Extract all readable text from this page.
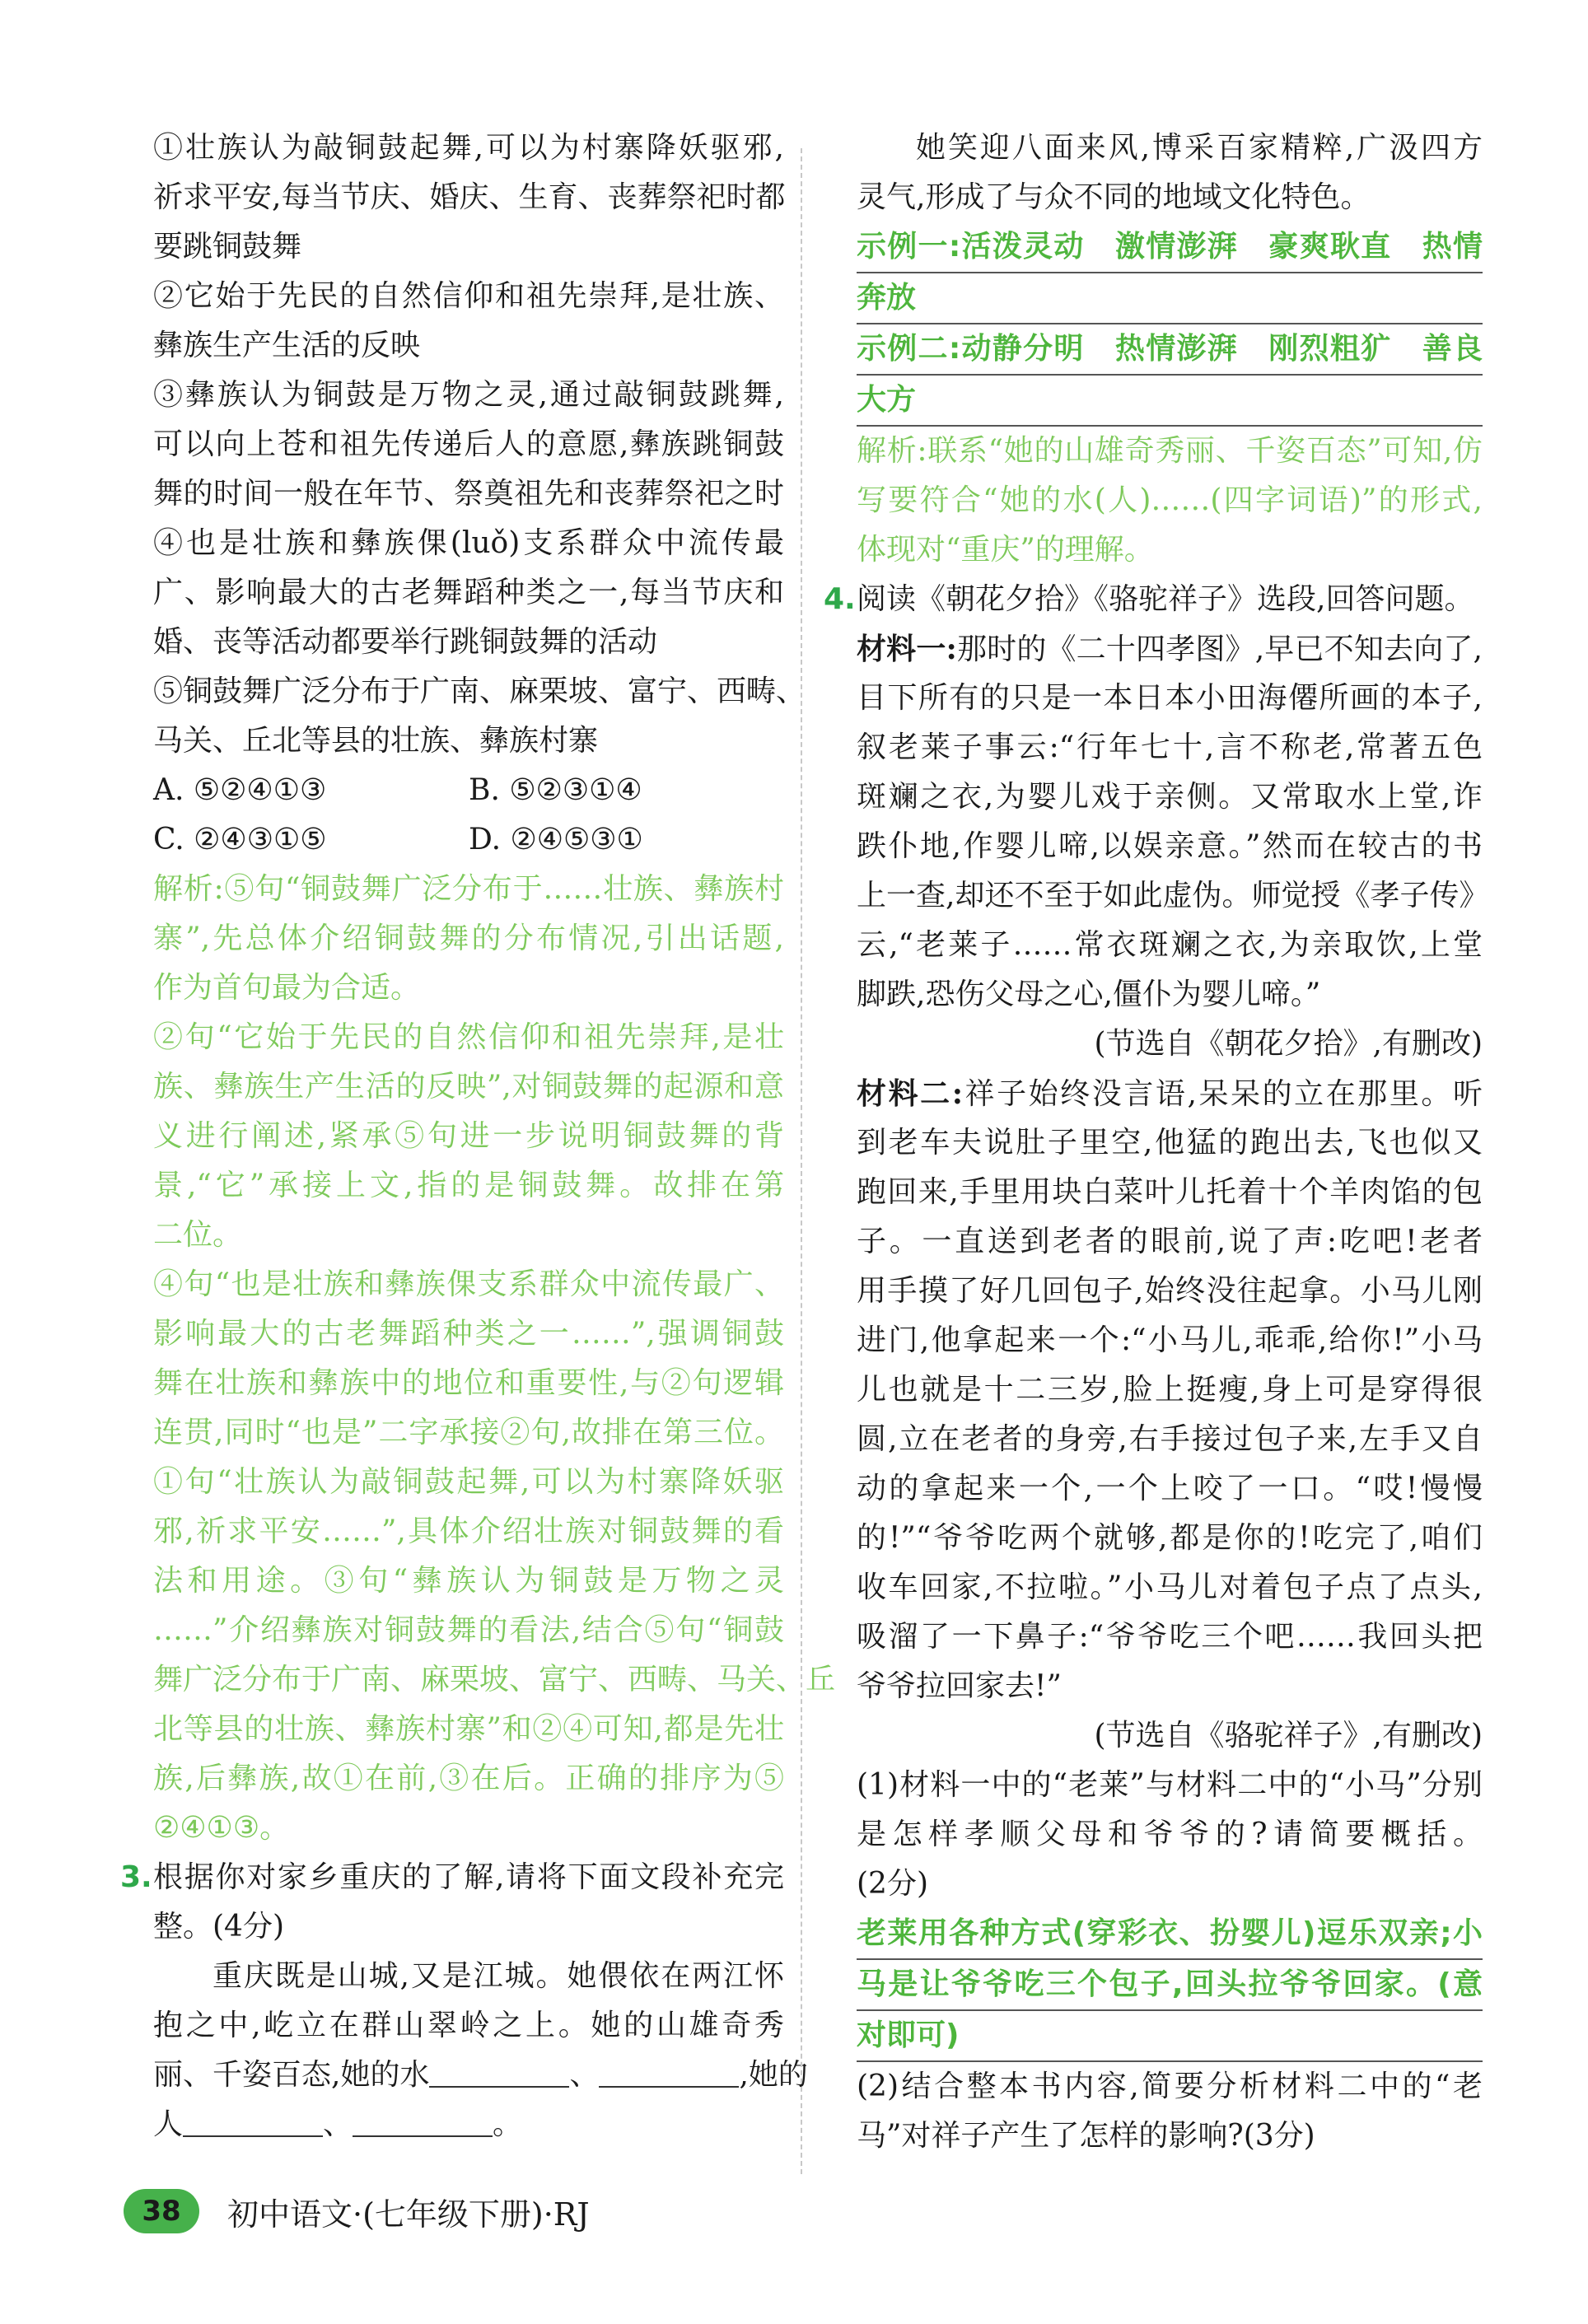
①壮族认为敲铜鼓起舞,可以为村寨降妖驱邪,
祈求平安,每当节庆、婚庆、生育、丧葬祭祀时都
要跳铜鼓舞
②它始于先民的自然信仰和祖先崇拜,是壮族、
彝族生产生活的反映
③彝族认为铜鼓是万物之灵,通过敲铜鼓跳舞,
可以向上苍和祖先传递后人的意愿,彝族跳铜鼓
舞的时间一般在年节、祭奠祖先和丧葬祭祀之时
④也是壮族和彝族倮(luǒ)支系群众中流传最
广、影响最大的古老舞蹈种类之一,每当节庆和
婚、丧等活动都要举行跳铜鼓舞的活动
⑤铜鼓舞广泛分布于广南、麻栗坡、富宁、西畴、
马关、丘北等县的壮族、彝族村寨
A. ⑤②④①③	B. ⑤②③①④
C. ②④③①⑤	D. ②④⑤③①
解析:⑤句“铜鼓舞广泛分布于……壮族、彝族村
寨”,先总体介绍铜鼓舞的分布情况,引出话题,
作为首句最为合适。
②句“它始于先民的自然信仰和祖先崇拜,是壮
族、彝族生产生活的反映”,对铜鼓舞的起源和意
义进行阐述,紧承⑤句进一步说明铜鼓舞的背
景,“它”承接上文,指的是铜鼓舞。故排在第
二位。
④句“也是壮族和彝族倮支系群众中流传最广、
影响最大的古老舞蹈种类之一……”,强调铜鼓
舞在壮族和彝族中的地位和重要性,与②句逻辑
连贯,同时“也是”二字承接②句,故排在第三位。
①句“壮族认为敲铜鼓起舞,可以为村寨降妖驱
邪,祈求平安……”,具体介绍壮族对铜鼓舞的看
法和用途。③句“彝族认为铜鼓是万物之灵
……”介绍彝族对铜鼓舞的看法,结合⑤句“铜鼓
舞广泛分布于广南、麻栗坡、富宁、西畴、马关、丘
北等县的壮族、彝族村寨”和②④可知,都是先壮
族,后彝族,故①在前,③在后。正确的排序为⑤
②④①③。
3. 根据你对家乡重庆的了解,请将下面文段补充完
整。(4分)
重庆既是山城,又是江城。她偎依在两江怀
抱之中,屹立在群山翠岭之上。她的山雄奇秀
丽、千姿百态,她的水	、	,她的
人	、	。
她笑迎八面来风,博采百家精粹,广汲四方
灵气,形成了与众不同的地域文化特色。
示例一:活泼灵动　激情澎湃　豪爽耿直　热情
奔放
示例二:动静分明　热情澎湃　刚烈粗犷　善良
大方
解析:联系“她的山雄奇秀丽、千姿百态”可知,仿
写要符合“她的水(人)……(四字词语)”的形式,
体现对“重庆”的理解。
4. 阅读《朝花夕拾》《骆驼祥子》选段,回答问题。
材料一:那时的《二十四孝图》,早已不知去向了,
目下所有的只是一本日本小田海僊所画的本子,
叙老莱子事云:“行年七十,言不称老,常著五色
斑斓之衣,为婴儿戏于亲侧。又常取水上堂,诈
跌仆地,作婴儿啼,以娱亲意。”然而在较古的书
上一查,却还不至于如此虚伪。师觉授《孝子传》
云,“老莱子……常衣斑斓之衣,为亲取饮,上堂
脚跌,恐伤父母之心,僵仆为婴儿啼。”
(节选自《朝花夕拾》,有删改)
材料二:祥子始终没言语,呆呆的立在那里。听
到老车夫说肚子里空,他猛的跑出去,飞也似又
跑回来,手里用块白菜叶儿托着十个羊肉馅的包
子。一直送到老者的眼前,说了声:吃吧!老者
用手摸了好几回包子,始终没往起拿。小马儿刚
进门,他拿起来一个:“小马儿,乖乖,给你!”小马
儿也就是十二三岁,脸上挺瘦,身上可是穿得很
圆,立在老者的身旁,右手接过包子来,左手又自
动的拿起来一个,一个上咬了一口。“哎!慢慢
的!”“爷爷吃两个就够,都是你的!吃完了,咱们
收车回家,不拉啦。”小马儿对着包子点了点头,
吸溜了一下鼻子:“爷爷吃三个吧……我回头把
爷爷拉回家去!”
(节选自《骆驼祥子》,有删改)
(1)材料一中的“老莱”与材料二中的“小马”分别
是怎样孝顺父母和爷爷的?请简要概括。
(2分)
老莱用各种方式(穿彩衣、扮婴儿)逗乐双亲;小
马是让爷爷吃三个包子,回头拉爷爷回家。(意
对即可)
(2)结合整本书内容,简要分析材料二中的“老
马”对祥子产生了怎样的影响?(3分)
38	初中语文·(七年级下册)·RJ
